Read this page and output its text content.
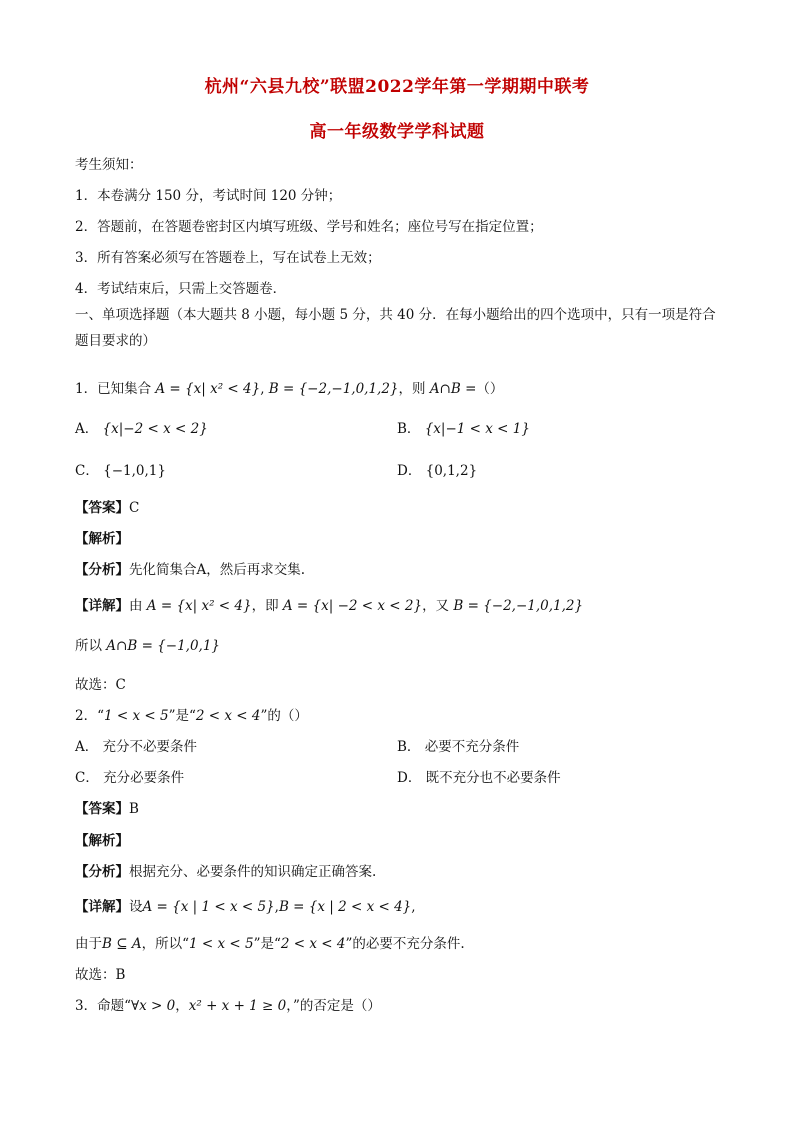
杭州“六县九校”联盟2022学年第一学期期中联考
高一年级数学学科试题
考生须知：
1．本卷满分 150 分，考试时间 120 分钟；
2．答题前，在答题卷密封区内填写班级、学号和姓名；座位号写在指定位置；
3．所有答案必须写在答题卷上，写在试卷上无效；
4．考试结束后，只需上交答题卷．
一、单项选择题（本大题共 8 小题，每小题 5 分，共 40 分．在每小题给出的四个选项中，只有一项是符合题目要求的）
1．已知集合 A = {x| x² < 4}, B = {−2,−1,0,1,2}，则 A∩B =（）
A． {x|−2 < x < 2}	B． {x|−1 < x < 1}
C． {−1,0,1}	D． {0,1,2}
【答案】C
【解析】
【分析】先化简集合A，然后再求交集.
【详解】由 A = {x| x² < 4}，即 A = {x| −2 < x < 2}，又 B = {−2,−1,0,1,2}
所以 A∩B = {−1,0,1}
故选：C
2．“1 < x < 5”是“2 < x < 4”的（）
A． 充分不必要条件	B． 必要不充分条件
C． 充分必要条件	D． 既不充分也不必要条件
【答案】B
【解析】
【分析】根据充分、必要条件的知识确定正确答案.
【详解】设A = {x | 1 < x < 5},B = {x | 2 < x < 4},
由于B ⊆ A，所以“1 < x < 5”是“2 < x < 4”的必要不充分条件.
故选：B
3．命题“∀x > 0，x² + x + 1 ≥ 0，”的否定是（）
